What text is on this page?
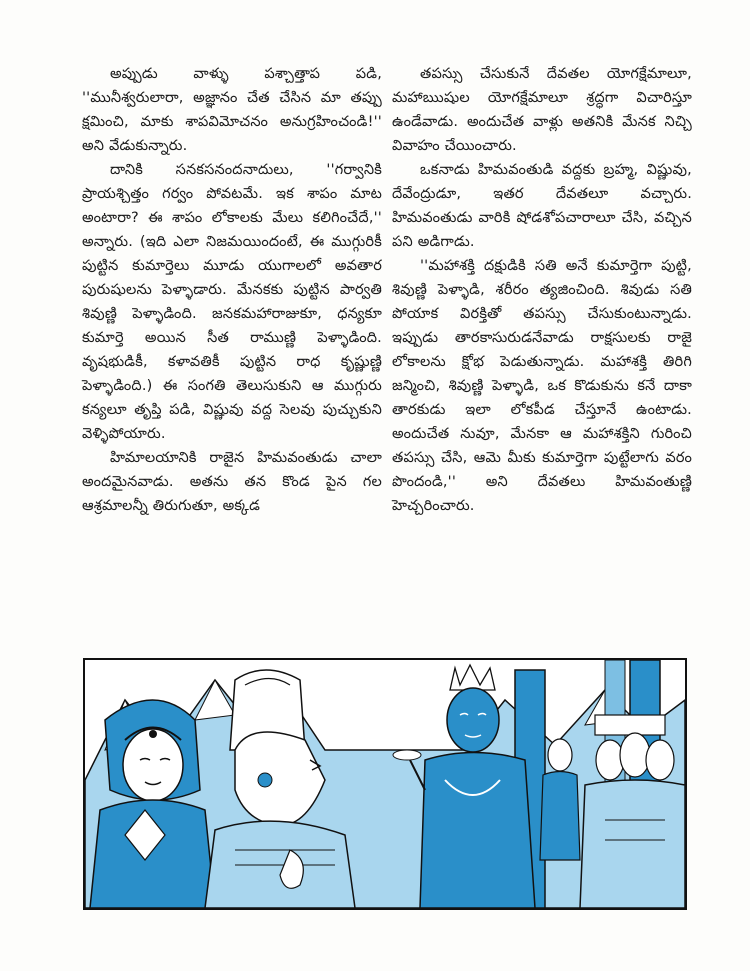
అప్పుడు వాళ్ళు పశ్చాత్తాప పడి, ''మునీశ్వరులారా, అజ్ఞానం చేత చేసిన మా తప్పు క్షమించి, మాకు శాపవిమోచనం అనుగ్రహించండి!'' అని వేడుకున్నారు.

దానికి సనకసనందనాదులు, ''గర్వానికి ప్రాయశ్చిత్తం గర్వం పోవటమే. ఇక శాపం మాట అంటారా? ఈ శాపం లోకాలకు మేలు కలిగించేదే,'' అన్నారు. (ఇది ఎలా నిజమయిందంటే, ఈ ముగ్గురికీ పుట్టిన కుమార్తెలు మూడు యుగాలలో అవతార పురుషులను పెళ్ళాడారు. మేనకకు పుట్టిన పార్వతి శివుణ్ణి పెళ్ళాడింది. జనకమహారాజుకూ, ధన్యకూ కుమార్తె అయిన సీత రాముణ్ణి పెళ్ళాడింది. వృషభుడికీ, కళావతికీ పుట్టిన రాధ కృష్ణుణ్ణి పెళ్ళాడింది.) ఈ సంగతి తెలుసుకుని ఆ ముగ్గురు కన్యలూ తృప్తి పడి, విష్ణువు వద్ద సెలవు పుచ్చుకుని వెళ్ళిపోయారు.

హిమాలయానికి రాజైన హిమవంతుడు చాలా అందమైనవాడు. అతను తన కొండ పైన గల ఆశ్రమాలన్నీ తిరుగుతూ, అక్కడ

తపస్సు చేసుకునే దేవతల యోగక్షేమాలూ, మహాఋషుల యోగక్షేమాలూ శ్రద్ధగా విచారిస్తూ ఉండేవాడు. అందుచేత వాళ్లు అతనికి మేనక నిచ్చి వివాహం చేయించారు.

ఒకనాడు హిమవంతుడి వద్దకు బ్రహ్మ, విష్ణువు, దేవేంద్రుడూ, ఇతర దేవతలూ వచ్చారు. హిమవంతుడు వారికి షోడశోపచారాలూ చేసి, వచ్చిన పని అడిగాడు.

''మహాశక్తి దక్షుడికి సతి అనే కుమార్తెగా పుట్టి, శివుణ్ణి పెళ్ళాడి, శరీరం త్యజించింది. శివుడు సతి పోయాక విరక్తితో తపస్సు చేసుకుంటున్నాడు. ఇప్పుడు తారకాసురుడనేవాడు రాక్షసులకు రాజై లోకాలను క్షోభ పెడుతున్నాడు. మహాశక్తి తిరిగి జన్మించి, శివుణ్ణి పెళ్ళాడి, ఒక కొడుకును కనే దాకా తారకుడు ఇలా లోకపీడ చేస్తూనే ఉంటాడు. అందుచేత నువూ, మేనకా ఆ మహాశక్తిని గురించి తపస్సు చేసి, ఆమె మీకు కుమార్తెగా పుట్టేలాగు వరం పొందండి,'' అని దేవతలు హిమవంతుణ్ణి హెచ్చరించారు.
